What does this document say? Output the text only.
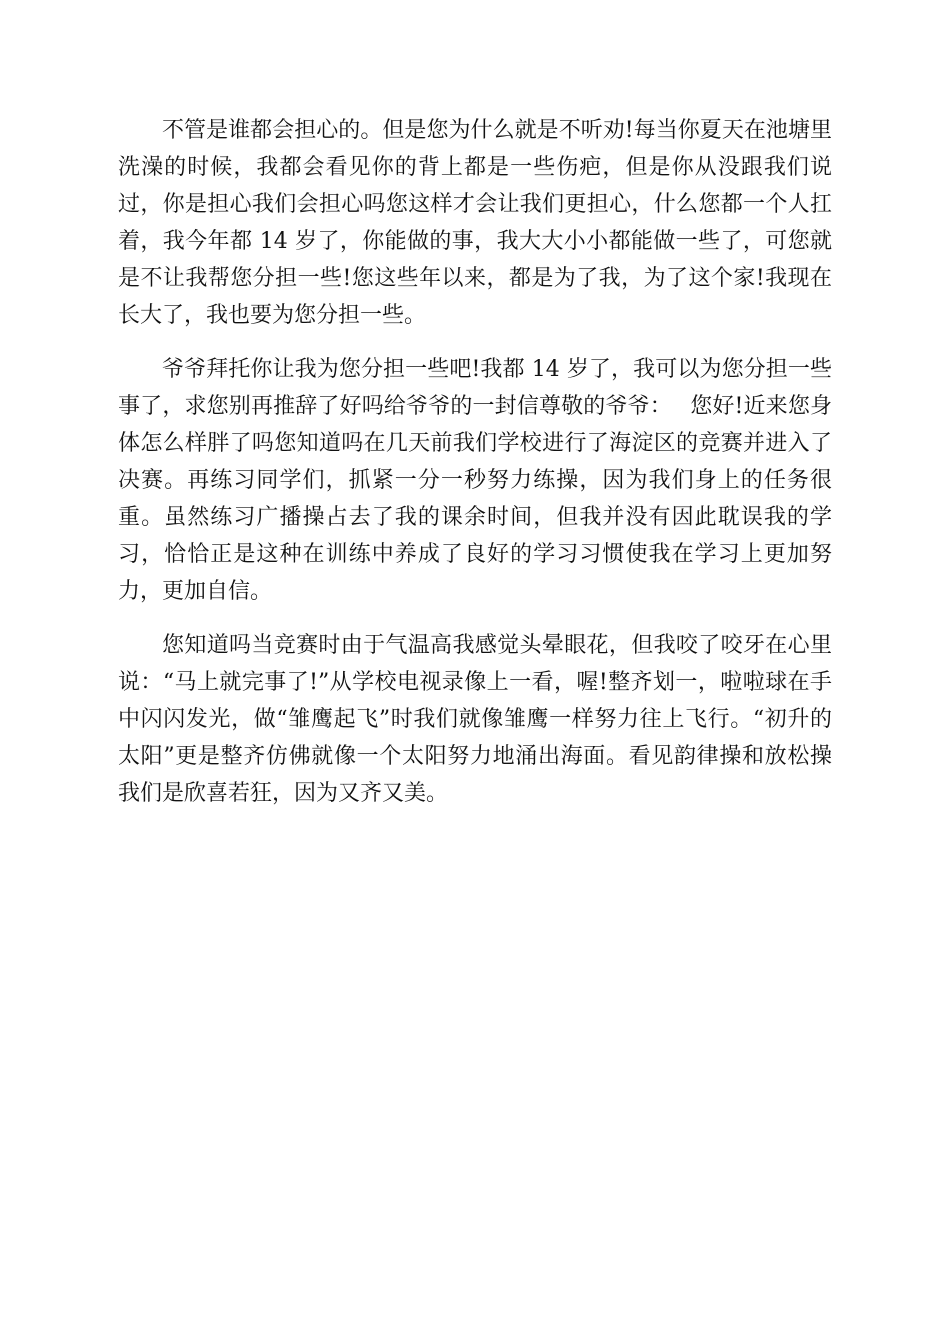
不管是谁都会担心的。但是您为什么就是不听劝!每当你夏天在池塘里洗澡的时候，我都会看见你的背上都是一些伤疤，但是你从没跟我们说过，你是担心我们会担心吗您这样才会让我们更担心，什么您都一个人扛着，我今年都 14 岁了，你能做的事，我大大小小都能做一些了，可您就是不让我帮您分担一些!您这些年以来，都是为了我，为了这个家!我现在长大了，我也要为您分担一些。

爷爷拜托你让我为您分担一些吧!我都 14 岁了，我可以为您分担一些事了，求您别再推辞了好吗给爷爷的一封信尊敬的爷爷：　 您好!近来您身体怎么样胖了吗您知道吗在几天前我们学校进行了海淀区的竞赛并进入了决赛。再练习同学们，抓紧一分一秒努力练操，因为我们身上的任务很重。虽然练习广播操占去了我的课余时间，但我并没有因此耽误我的学习，恰恰正是这种在训练中养成了良好的学习习惯使我在学习上更加努力，更加自信。

您知道吗当竞赛时由于气温高我感觉头晕眼花，但我咬了咬牙在心里说：“马上就完事了!”从学校电视录像上一看，喔!整齐划一，啦啦球在手中闪闪发光，做“雏鹰起飞”时我们就像雏鹰一样努力往上飞行。“初升的太阳”更是整齐仿佛就像一个太阳努力地涌出海面。看见韵律操和放松操我们是欣喜若狂，因为又齐又美。
